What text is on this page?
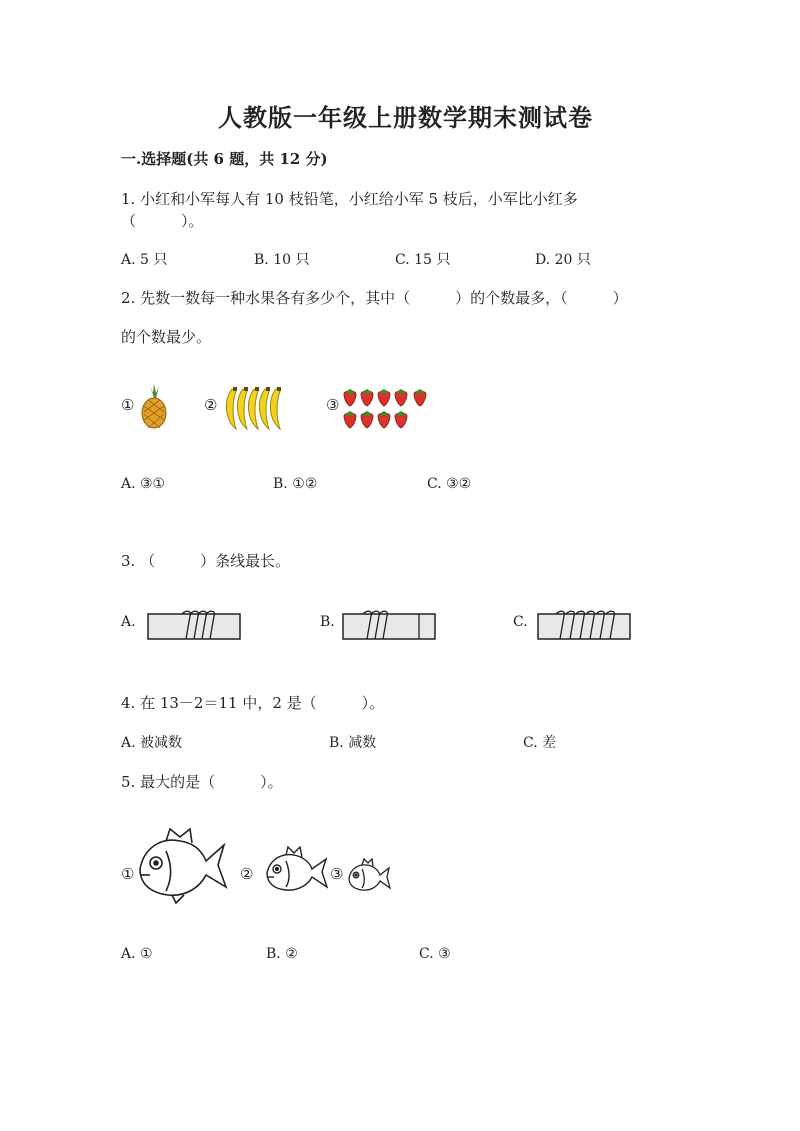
人教版一年级上册数学期末测试卷
一.选择题(共 6 题，共 12 分)
1. 小红和小军每人有 10 枝铅笔，小红给小军 5 枝后，小军比小红多
（　　　）。
A. 5 只	B. 10 只	C. 15 只	D. 20 只
2. 先数一数每一种水果各有多少个，其中（　　　）的个数最多，（　　　）
的个数最少。
①	②	③
A. ③①	B. ①②	C. ③②
3. （　　　）条线最长。
A.	B.	C.
4. 在 13－2＝11 中，2 是（　　　）。
A. 被减数	B. 减数	C. 差
5. 最大的是（　　　）。
①	②	③
A. ①	B. ②	C. ③
